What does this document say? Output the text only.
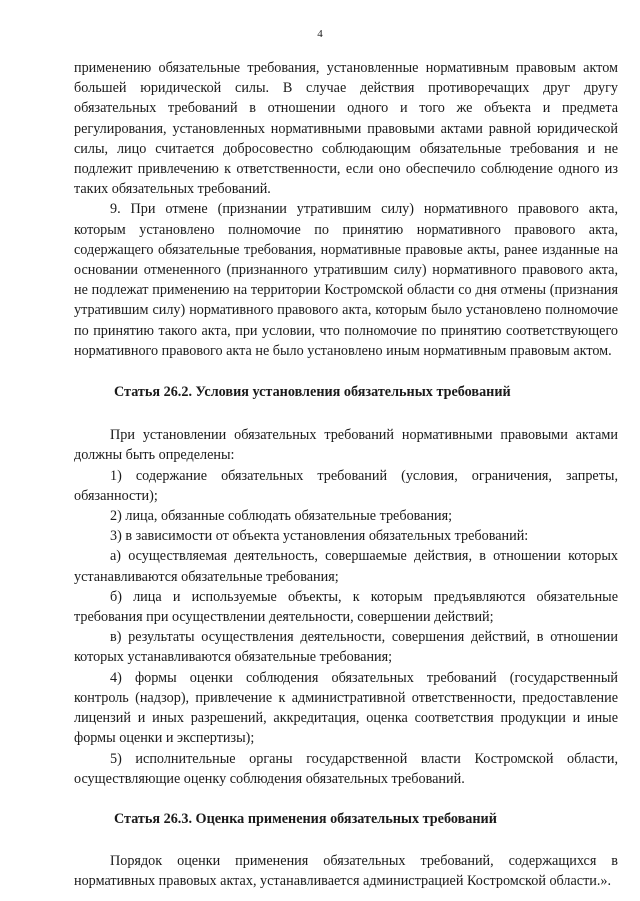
4

применению обязательные требования, установленные нормативным правовым актом большей юридической силы. В случае действия противоречащих друг другу обязательных требований в отношении одного и того же объекта и предмета регулирования, установленных нормативными правовыми актами равной юридической силы, лицо считается добросовестно соблюдающим обязательные требования и не подлежит привлечению к ответственности, если оно обеспечило соблюдение одного из таких обязательных требований.

9. При отмене (признании утратившим силу) нормативного правового акта, которым установлено полномочие по принятию нормативного правового акта, содержащего обязательные требования, нормативные правовые акты, ранее изданные на основании отмененного (признанного утратившим силу) нормативного правового акта, не подлежат применению на территории Костромской области со дня отмены (признания утратившим силу) нормативного правового акта, которым было установлено полномочие по принятию такого акта, при условии, что полномочие по принятию соответствующего нормативного правового акта не было установлено иным нормативным правовым актом.

Статья 26.2. Условия установления обязательных требований

При установлении обязательных требований нормативными правовыми актами должны быть определены:

1) содержание обязательных требований (условия, ограничения, запреты, обязанности);

2) лица, обязанные соблюдать обязательные требования;

3) в зависимости от объекта установления обязательных требований:

а) осуществляемая деятельность, совершаемые действия, в отношении которых устанавливаются обязательные требования;

б) лица и используемые объекты, к которым предъявляются обязательные требования при осуществлении деятельности, совершении действий;

в) результаты осуществления деятельности, совершения действий, в отношении которых устанавливаются обязательные требования;

4) формы оценки соблюдения обязательных требований (государственный контроль (надзор), привлечение к административной ответственности, предоставление лицензий и иных разрешений, аккредитация, оценка соответствия продукции и иные формы оценки и экспертизы);

5) исполнительные органы государственной власти Костромской области, осуществляющие оценку соблюдения обязательных требований.

Статья 26.3. Оценка применения обязательных требований

Порядок оценки применения обязательных требований, содержащихся в нормативных правовых актах, устанавливается администрацией Костромской области.».
